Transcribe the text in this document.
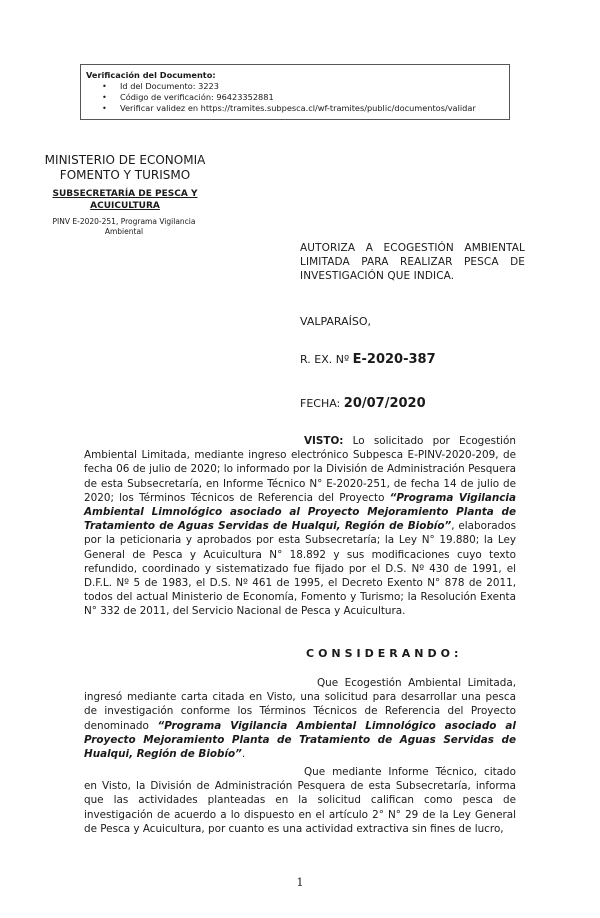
Verificación del Documento:
• Id del Documento: 3223
• Código de verificación: 96423352881
• Verificar validez en https://tramites.subpesca.cl/wf-tramites/public/documentos/validar
MINISTERIO DE ECONOMIA
FOMENTO Y TURISMO
SUBSECRETARÍA DE PESCA Y ACUICULTURA
PINV E-2020-251, Programa Vigilancia Ambiental
AUTORIZA A ECOGESTIÓN AMBIENTAL LIMITADA PARA REALIZAR PESCA DE INVESTIGACIÓN QUE INDICA.
VALPARAÍSO,
R. EX. Nº E-2020-387
FECHA: 20/07/2020
VISTO: Lo solicitado por Ecogestión Ambiental Limitada, mediante ingreso electrónico Subpesca E-PINV-2020-209, de fecha 06 de julio de 2020; lo informado por la División de Administración Pesquera de esta Subsecretaría, en Informe Técnico N° E-2020-251, de fecha 14 de julio de 2020; los Términos Técnicos de Referencia del Proyecto “Programa Vigilancia Ambiental Limnológico asociado al Proyecto Mejoramiento Planta de Tratamiento de Aguas Servidas de Hualqui, Región de Biobío”, elaborados por la peticionaria y aprobados por esta Subsecretaría; la Ley N° 19.880; la Ley General de Pesca y Acuicultura N° 18.892 y sus modificaciones cuyo texto refundido, coordinado y sistematizado fue fijado por el D.S. Nº 430 de 1991, el D.F.L. Nº 5 de 1983, el D.S. Nº 461 de 1995, el Decreto Exento N° 878 de 2011, todos del actual Ministerio de Economía, Fomento y Turismo; la Resolución Exenta N° 332 de 2011, del Servicio Nacional de Pesca y Acuicultura.
CONSIDERANDO:
Que Ecogestión Ambiental Limitada, ingresó mediante carta citada en Visto, una solicitud para desarrollar una pesca de investigación conforme los Términos Técnicos de Referencia del Proyecto denominado “Programa Vigilancia Ambiental Limnológico asociado al Proyecto Mejoramiento Planta de Tratamiento de Aguas Servidas de Hualqui, Región de Biobío”.
Que mediante Informe Técnico, citado en Visto, la División de Administración Pesquera de esta Subsecretaría, informa que las actividades planteadas en la solicitud califican como pesca de investigación de acuerdo a lo dispuesto en el artículo 2° N° 29 de la Ley General de Pesca y Acuicultura, por cuanto es una actividad extractiva sin fines de lucro,
1
